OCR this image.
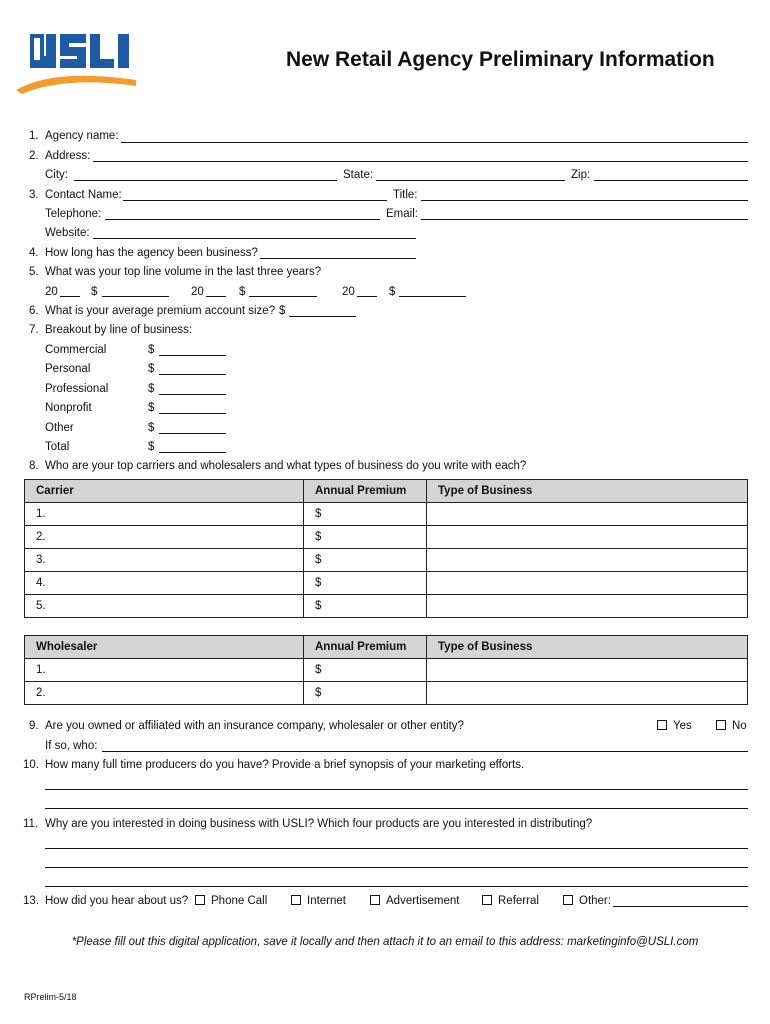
New Retail Agency Preliminary Information
1. Agency name:
2. Address:
City:	State:	Zip:
3. Contact Name:	Title:
Telephone:	Email:
Website:
4. How long has the agency been business?
5. What was your top line volume in the last three years?
20	$	20	$	20	$
6. What is your average premium account size? $
7. Breakout by line of business:
Commercial	$
Personal	$
Professional	$
Nonprofit	$
Other	$
Total	$
8. Who are your top carriers and wholesalers and what types of business do you write with each?
Carrier	Annual Premium	Type of Business
1.	$	
2.	$	
3.	$	
4.	$	
5.	$	
Wholesaler	Annual Premium	Type of Business
1.	$	
2.	$	
9. Are you owned or affiliated with an insurance company, wholesaler or other entity?	Yes	No
If so, who:
10. How many full time producers do you have? Provide a brief synopsis of your marketing efforts.
11. Why are you interested in doing business with USLI? Which four products are you interested in distributing?
13. How did you hear about us?	Phone Call	Internet	Advertisement	Referral	Other:
*Please fill out this digital application, save it locally and then attach it to an email to this address: marketinginfo@USLI.com
RPrelim-5/18
